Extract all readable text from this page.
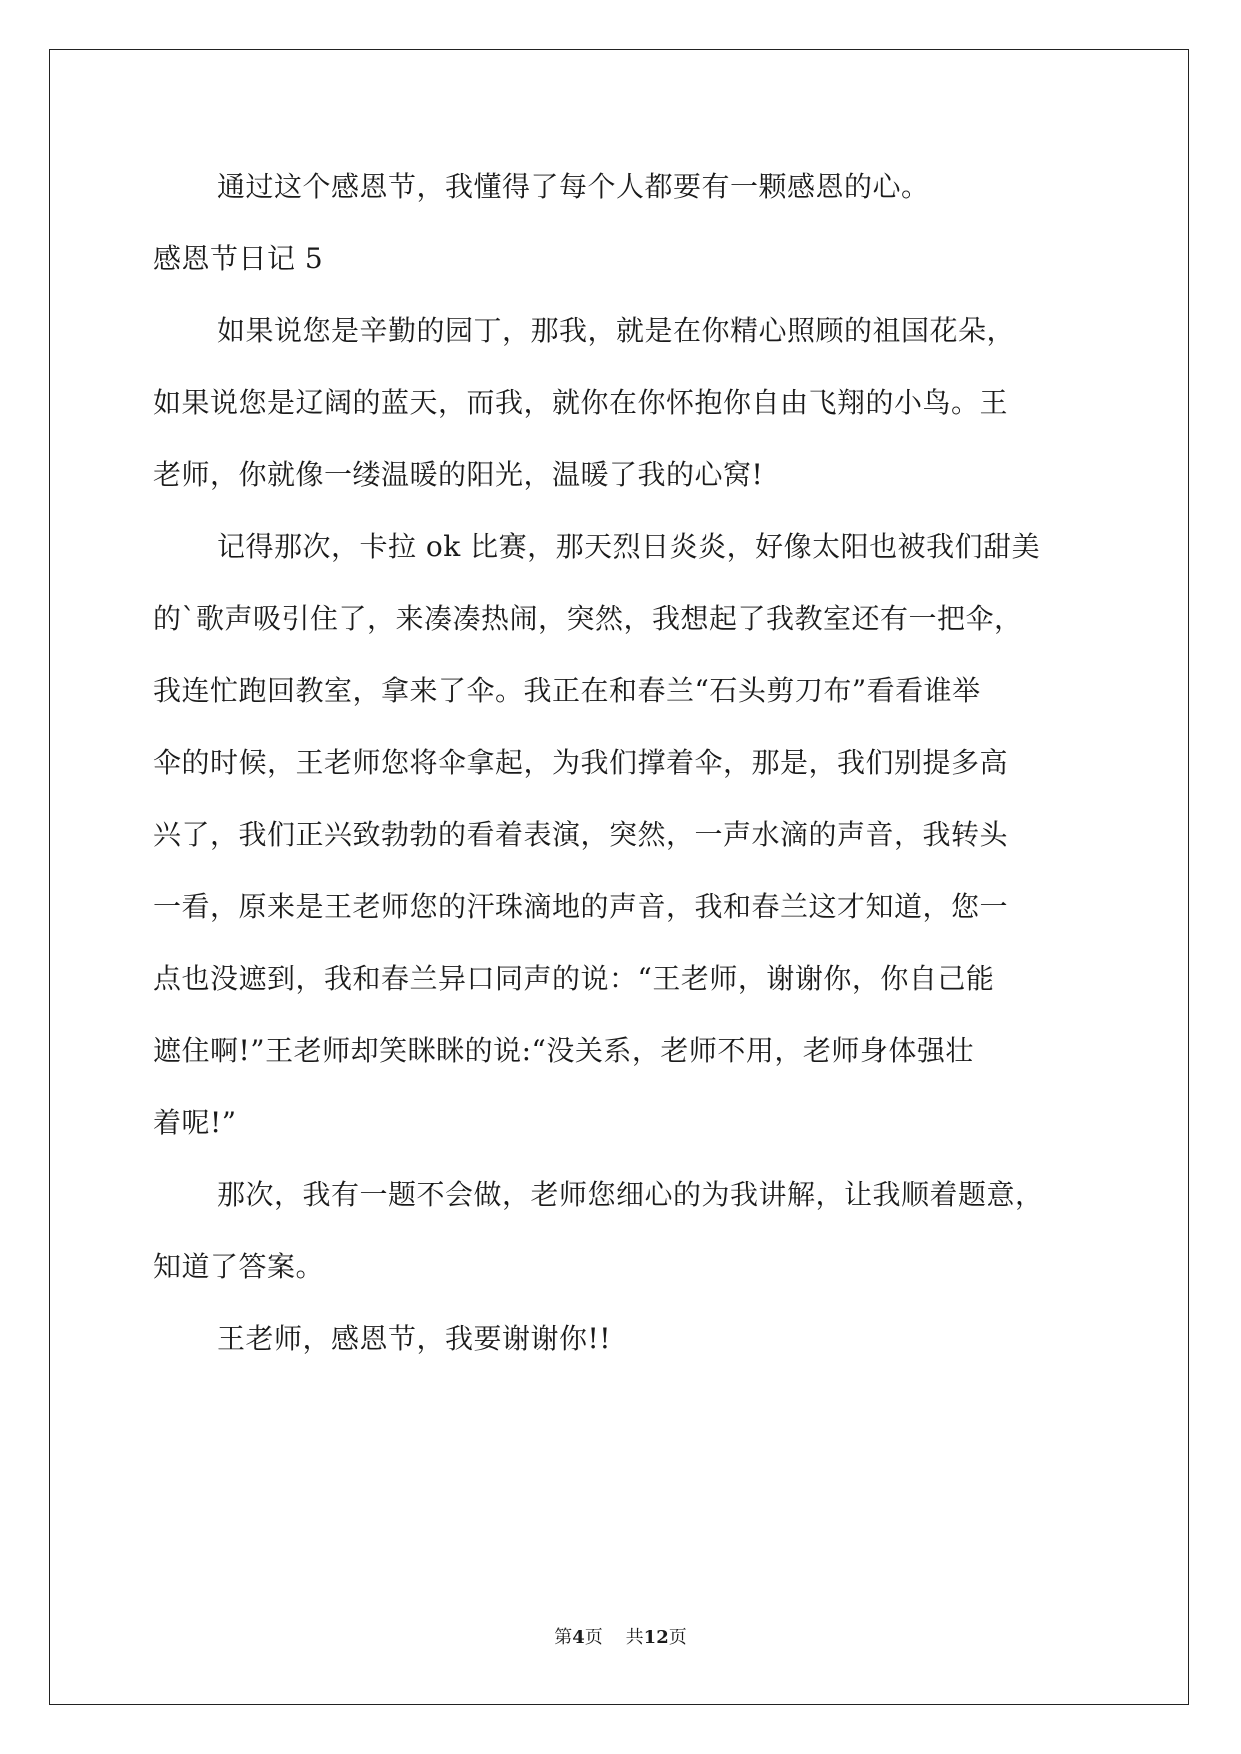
通过这个感恩节，我懂得了每个人都要有一颗感恩的心。
感恩节日记 5
如果说您是辛勤的园丁，那我，就是在你精心照顾的祖国花朵，
如果说您是辽阔的蓝天，而我，就你在你怀抱你自由飞翔的小鸟。王
老师，你就像一缕温暖的阳光，温暖了我的心窝!
记得那次，卡拉 ok 比赛，那天烈日炎炎，好像太阳也被我们甜美
的`歌声吸引住了，来凑凑热闹，突然，我想起了我教室还有一把伞，
我连忙跑回教室，拿来了伞。我正在和春兰“石头剪刀布”看看谁举
伞的时候，王老师您将伞拿起，为我们撑着伞，那是，我们别提多高
兴了，我们正兴致勃勃的看着表演，突然，一声水滴的声音，我转头
一看，原来是王老师您的汗珠滴地的声音，我和春兰这才知道，您一
点也没遮到，我和春兰异口同声的说：“王老师，谢谢你，你自己能
遮住啊!”王老师却笑眯眯的说:“没关系，老师不用，老师身体强壮
着呢!”
那次，我有一题不会做，老师您细心的为我讲解，让我顺着题意，
知道了答案。
王老师，感恩节，我要谢谢你!!
第4页 共12页
